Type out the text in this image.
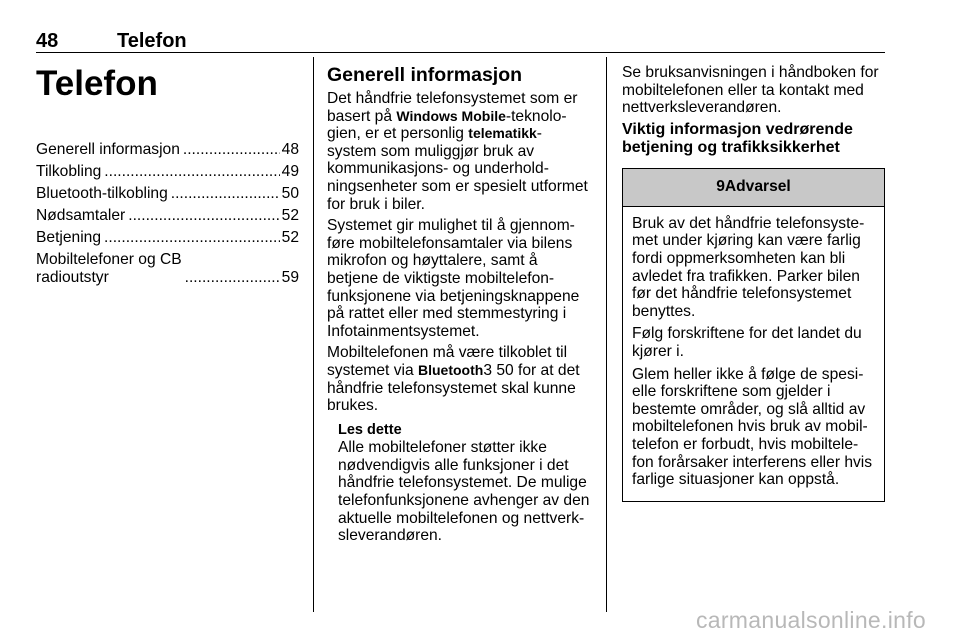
48	Telefon
Telefon
Generell informasjon .....	48
Tilkobling .....	49
Bluetooth-tilkobling .....	50
Nødsamtaler .....	52
Betjening .....	52
Mobiltelefoner og CB
radioutstyr .....	59
Generell informasjon

Det håndfrie telefonsystemet som er basert på Windows Mobile-teknolo- gien, er et personlig telematikk- system som muliggjør bruk av kommunikasjons- og underhold- ningsenheter som er spesielt utformet for bruk i biler.

Systemet gir mulighet til å gjennom- føre mobiltelefonsamtaler via bilens mikrofon og høyttalere, samt å betjene de viktigste mobiltelefon- funksjonene via betjeningsknappene på rattet eller med stemmestyring i Infotainmentsystemet.

Mobiltelefonen må være tilkoblet til systemet via Bluetooth3 50 for at det håndfrie telefonsystemet skal kunne brukes.

Les dette
Alle mobiltelefoner støtter ikke nødvendigvis alle funksjoner i det håndfrie telefonsystemet. De mulige telefonfunksjonene avhenger av den aktuelle mobiltelefonen og nettverk- sleverandøren.

Se bruksanvisningen i håndboken for mobiltelefonen eller ta kontakt med nettverksleverandøren.

Viktig informasjon vedrørende betjening og trafikksikkerhet
9 Advarsel

Bruk av det håndfrie telefonsyste- met under kjøring kan være farlig fordi oppmerksomheten kan bli avledet fra trafikken. Parker bilen før det håndfrie telefonsystemet benyttes.

Følg forskriftene for det landet du kjører i.

Glem heller ikke å følge de spesi- elle forskriftene som gjelder i bestemte områder, og slå alltid av mobiltelefonen hvis bruk av mobil- telefon er forbudt, hvis mobiltele- fon forårsaker interferens eller hvis farlige situasjoner kan oppstå.

carmanualsonline.info
